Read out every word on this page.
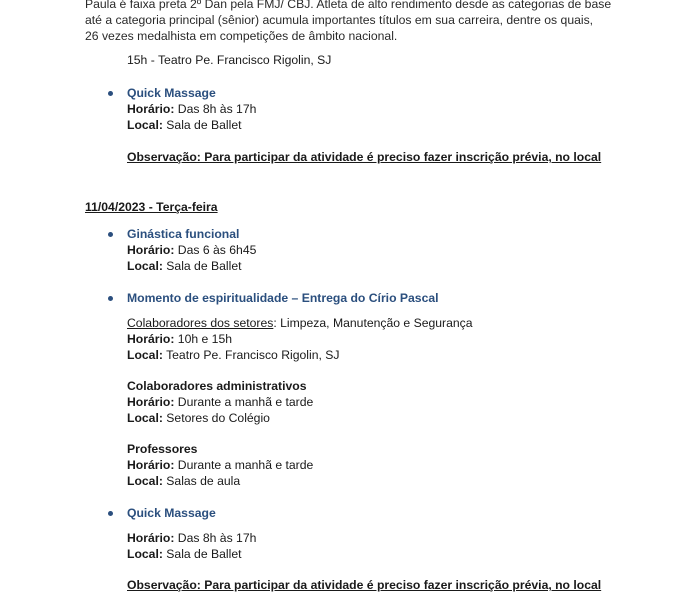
Paula é faixa preta 2º Dan pela FMJ/ CBJ. Atleta de alto rendimento desde as categorias de base
até a categoria principal (sênior) acumula importantes títulos em sua carreira, dentre os quais,
26 vezes medalhista em competições de âmbito nacional.
15h - Teatro Pe. Francisco Rigolin, SJ
Quick Massage
Horário: Das 8h às 17h
Local: Sala de Ballet
Observação: Para participar da atividade é preciso fazer inscrição prévia, no local
11/04/2023 - Terça-feira
Ginástica funcional
Horário: Das 6 às 6h45
Local: Sala de Ballet
Momento de espiritualidade – Entrega do Círio Pascal
Colaboradores dos setores: Limpeza, Manutenção e Segurança
Horário: 10h e 15h
Local: Teatro Pe. Francisco Rigolin, SJ
Colaboradores administrativos
Horário: Durante a manhã e tarde
Local: Setores do Colégio
Professores
Horário: Durante a manhã e tarde
Local: Salas de aula
Quick Massage
Horário: Das 8h às 17h
Local: Sala de Ballet
Observação: Para participar da atividade é preciso fazer inscrição prévia, no local
